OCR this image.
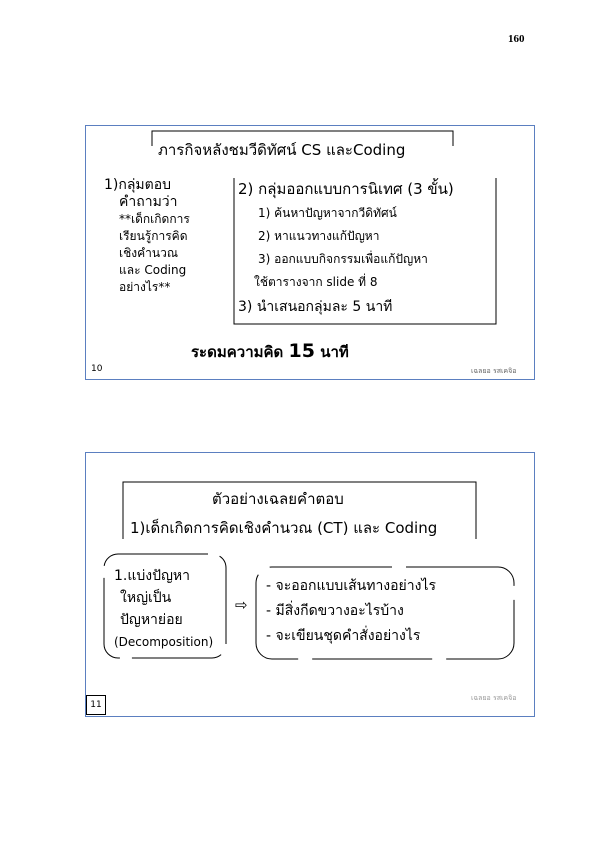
160
ภารกิจหลังชมวีดิทัศน์ CS และCoding
1)กลุ่มตอบ
คำถามว่า
**เด็กเกิดการ
เรียนรู้การคิด
เชิงคำนวณ
และ Coding
อย่างไร**
2) กลุ่มออกแบบการนิเทศ (3 ขั้น)
1) ค้นหาปัญหาจากวีดิทัศน์
2) หาแนวทางแก้ปัญหา
3) ออกแบบกิจกรรมเพื่อแก้ปัญหา
ใช้ตารางจาก slide ที่ 8
3) นำเสนอกลุ่มละ 5 นาที
ระดมความคิด 15 นาที
10	เฉลยอ รสเคจิอ
ตัวอย่างเฉลยคำตอบ
1)เด็กเกิดการคิดเชิงคำนวณ (CT) และ Coding
1.แบ่งปัญหา
ใหญ่เป็น
ปัญหาย่อย
(Decomposition)
⇨
- จะออกแบบเส้นทางอย่างไร
- มีสิ่งกีดขวางอะไรบ้าง
- จะเขียนชุดคำสั่งอย่างไร
11
เฉลยอ รสเคจิอ
